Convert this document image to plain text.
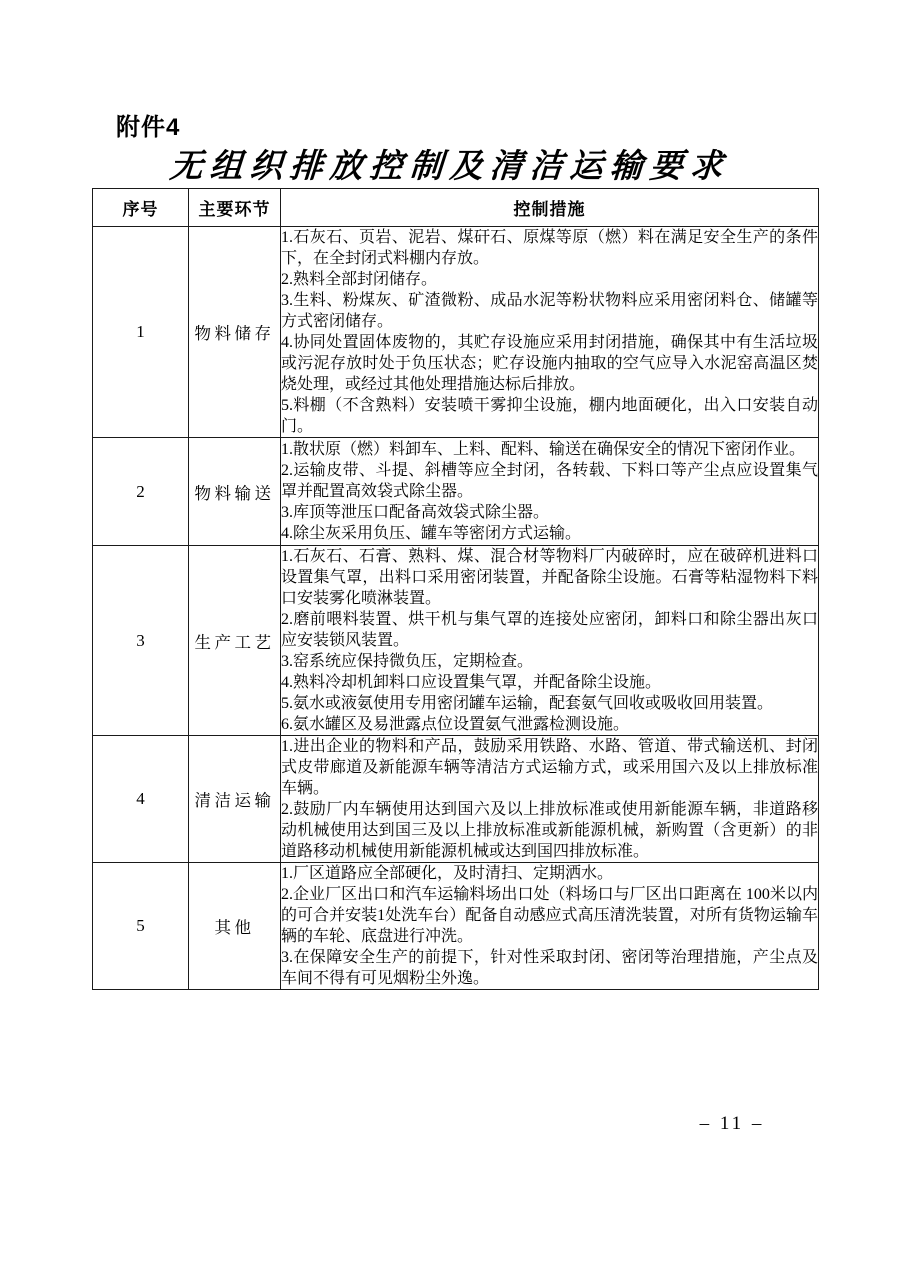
附件4
无组织排放控制及清洁运输要求
序号	主要环节	控制措施
1	物料储存	1.石灰石、页岩、泥岩、煤矸石、原煤等原（燃）料在满足安全生产的条件下，在全封闭式料棚内存放。
2.熟料全部封闭储存。
3.生料、粉煤灰、矿渣微粉、成品水泥等粉状物料应采用密闭料仓、储罐等方式密闭储存。
4.协同处置固体废物的，其贮存设施应采用封闭措施，确保其中有生活垃圾或污泥存放时处于负压状态；贮存设施内抽取的空气应导入水泥窑高温区焚烧处理，或经过其他处理措施达标后排放。
5.料棚（不含熟料）安装喷干雾抑尘设施，棚内地面硬化，出入口安装自动门。

2	物料输送	1.散状原（燃）料卸车、上料、配料、输送在确保安全的情况下密闭作业。
2.运输皮带、斗提、斜槽等应全封闭，各转载、下料口等产尘点应设置集气罩并配置高效袋式除尘器。
3.库顶等泄压口配备高效袋式除尘器。
4.除尘灰采用负压、罐车等密闭方式运输。

3	生产工艺	
1.石灰石、石膏、熟料、煤、混合材等物料厂内破碎时，应在破碎机进料口设置集气罩，出料口采用密闭装置，并配备除尘设施。石膏等粘湿物料下料口安装雾化喷淋装置。
2.磨前喂料装置、烘干机与集气罩的连接处应密闭，卸料口和除尘器出灰口应安装锁风装置。
3.窑系统应保持微负压，定期检查。
4.熟料冷却机卸料口应设置集气罩，并配备除尘设施。
5.氨水或液氨使用专用密闭罐车运输，配套氨气回收或吸收回用装置。
6.氨水罐区及易泄露点位设置氨气泄露检测设施。

4	清洁运输	1.进出企业的物料和产品，鼓励采用铁路、水路、管道、带式输送机、封闭式皮带廊道及新能源车辆等清洁方式运输方式，或采用国六及以上排放标准车辆。
2.鼓励厂内车辆使用达到国六及以上排放标准或使用新能源车辆，非道路移动机械使用达到国三及以上排放标准或新能源机械，新购置（含更新）的非道路移动机械使用新能源机械或达到国四排放标准。

5	其他	1.厂区道路应全部硬化，及时清扫、定期洒水。
2.企业厂区出口和汽车运输料场出口处（料场口与厂区出口距离在 100米以内的可合并安装1处洗车台）配备自动感应式高压清洗装置，对所有货物运输车辆的车轮、底盘进行冲洗。
3.在保障安全生产的前提下，针对性采取封闭、密闭等治理措施，产尘点及车间不得有可见烟粉尘外逸。
– 11 –
